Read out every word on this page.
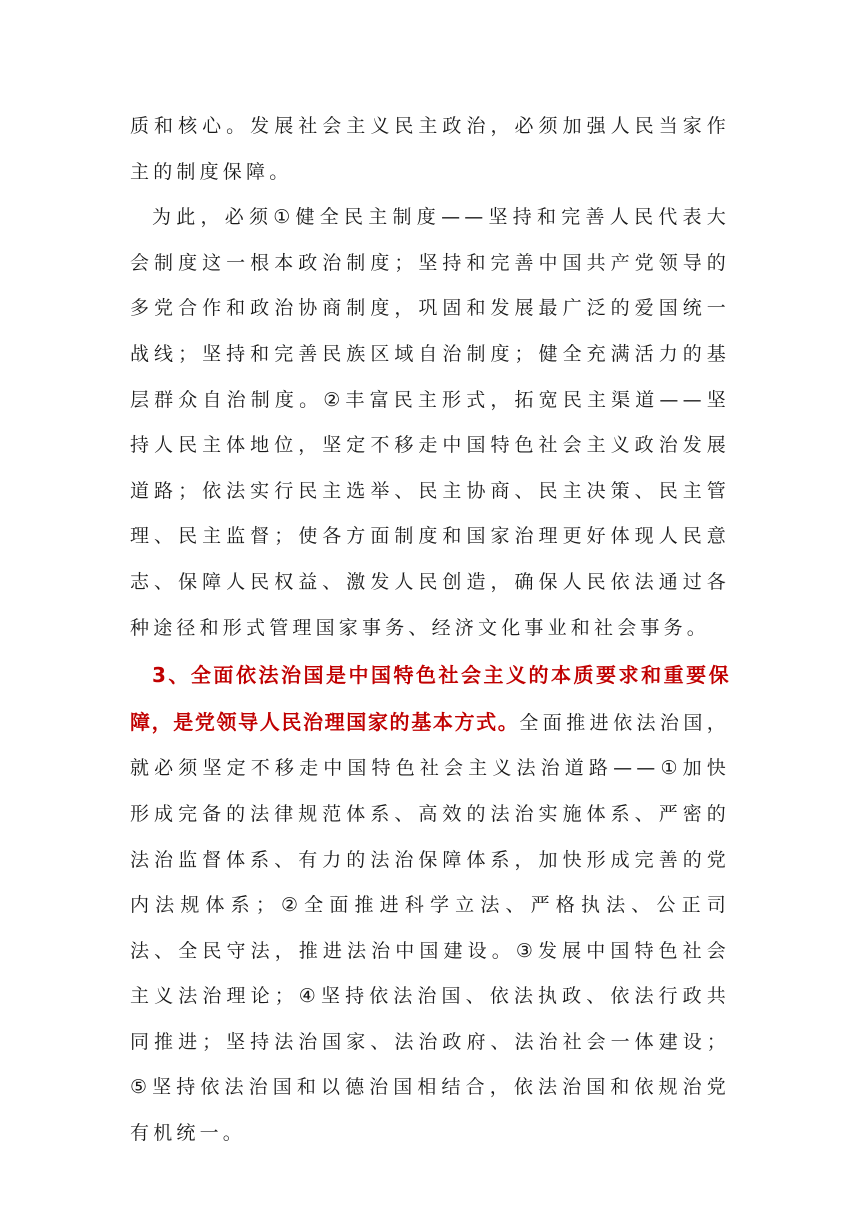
质和核心。发展社会主义民主政治，必须加强人民当家作主的制度保障。

为此，必须①健全民主制度——坚持和完善人民代表大会制度这一根本政治制度；坚持和完善中国共产党领导的多党合作和政治协商制度，巩固和发展最广泛的爱国统一战线；坚持和完善民族区域自治制度；健全充满活力的基层群众自治制度。②丰富民主形式，拓宽民主渠道——坚持人民主体地位，坚定不移走中国特色社会主义政治发展道路；依法实行民主选举、民主协商、民主决策、民主管理、民主监督；使各方面制度和国家治理更好体现人民意志、保障人民权益、激发人民创造，确保人民依法通过各种途径和形式管理国家事务、经济文化事业和社会事务。

3、全面依法治国是中国特色社会主义的本质要求和重要保障，是党领导人民治理国家的基本方式。全面推进依法治国，就必须坚定不移走中国特色社会主义法治道路——①加快形成完备的法律规范体系、高效的法治实施体系、严密的法治监督体系、有力的法治保障体系，加快形成完善的党内法规体系；②全面推进科学立法、严格执法、公正司法、全民守法，推进法治中国建设。③发展中国特色社会主义法治理论；④坚持依法治国、依法执政、依法行政共同推进；坚持法治国家、法治政府、法治社会一体建设；⑤坚持依法治国和以德治国相结合，依法治国和依规治党有机统一。
